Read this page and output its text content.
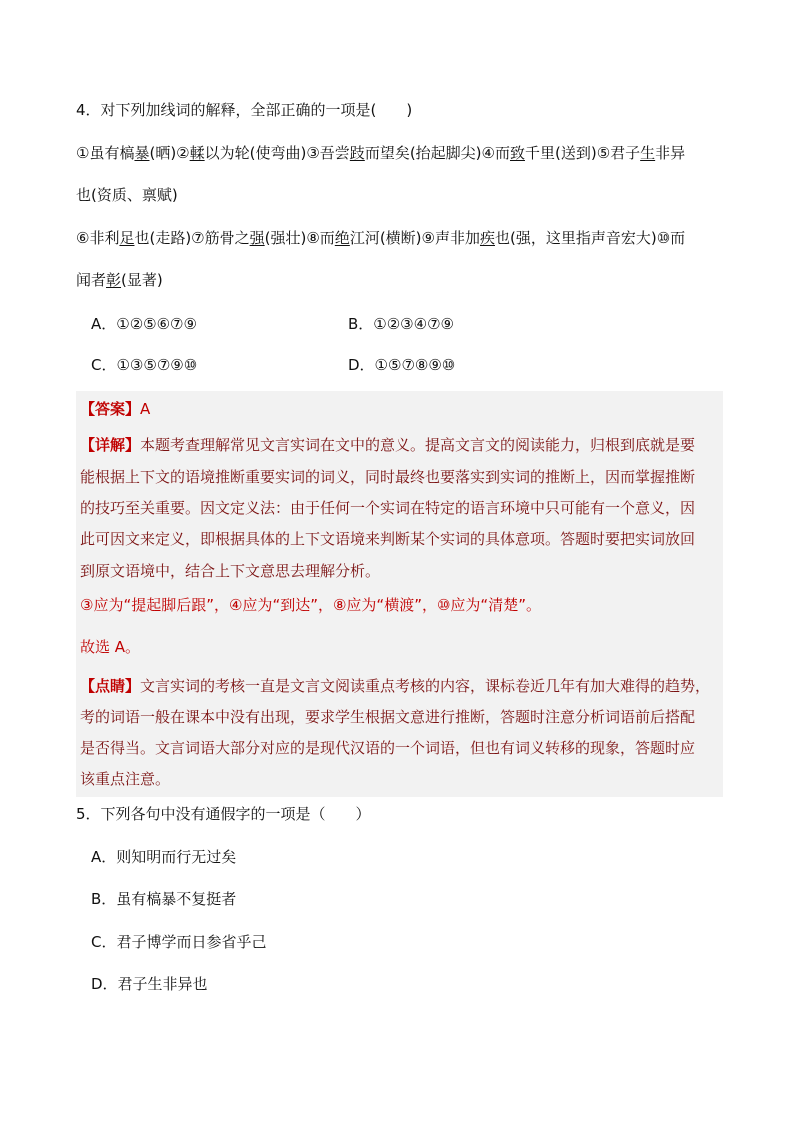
4．对下列加线词的解释，全部正确的一项是(　　)
①虽有槁暴(晒)②輮以为轮(使弯曲)③吾尝跂而望矣(抬起脚尖)④而致千里(送到)⑤君子生非异
也(资质、禀赋)
⑥非利足也(走路)⑦筋骨之强(强壮)⑧而绝江河(横断)⑨声非加疾也(强，这里指声音宏大)⑩而
闻者彰(显著)
A．①②⑤⑥⑦⑨	B．①②③④⑦⑨
C．①③⑤⑦⑨⑩	D．①⑤⑦⑧⑨⑩
【答案】A
【详解】本题考查理解常见文言实词在文中的意义。提高文言文的阅读能力，归根到底就是要
能根据上下文的语境推断重要实词的词义，同时最终也要落实到实词的推断上，因而掌握推断
的技巧至关重要。因文定义法：由于任何一个实词在特定的语言环境中只可能有一个意义，因
此可因文来定义，即根据具体的上下文语境来判断某个实词的具体意项。答题时要把实词放回
到原文语境中，结合上下文意思去理解分析。
③应为“提起脚后跟”，④应为“到达”，⑧应为“横渡”，⑩应为“清楚”。
故选 A。
【点睛】文言实词的考核一直是文言文阅读重点考核的内容，课标卷近几年有加大难得的趋势，
考的词语一般在课本中没有出现，要求学生根据文意进行推断，答题时注意分析词语前后搭配
是否得当。文言词语大部分对应的是现代汉语的一个词语，但也有词义转移的现象，答题时应
该重点注意。
5．下列各句中没有通假字的一项是（　　）
A．则知明而行无过矣
B．虽有槁暴不复挺者
C．君子博学而日参省乎己
D．君子生非异也
